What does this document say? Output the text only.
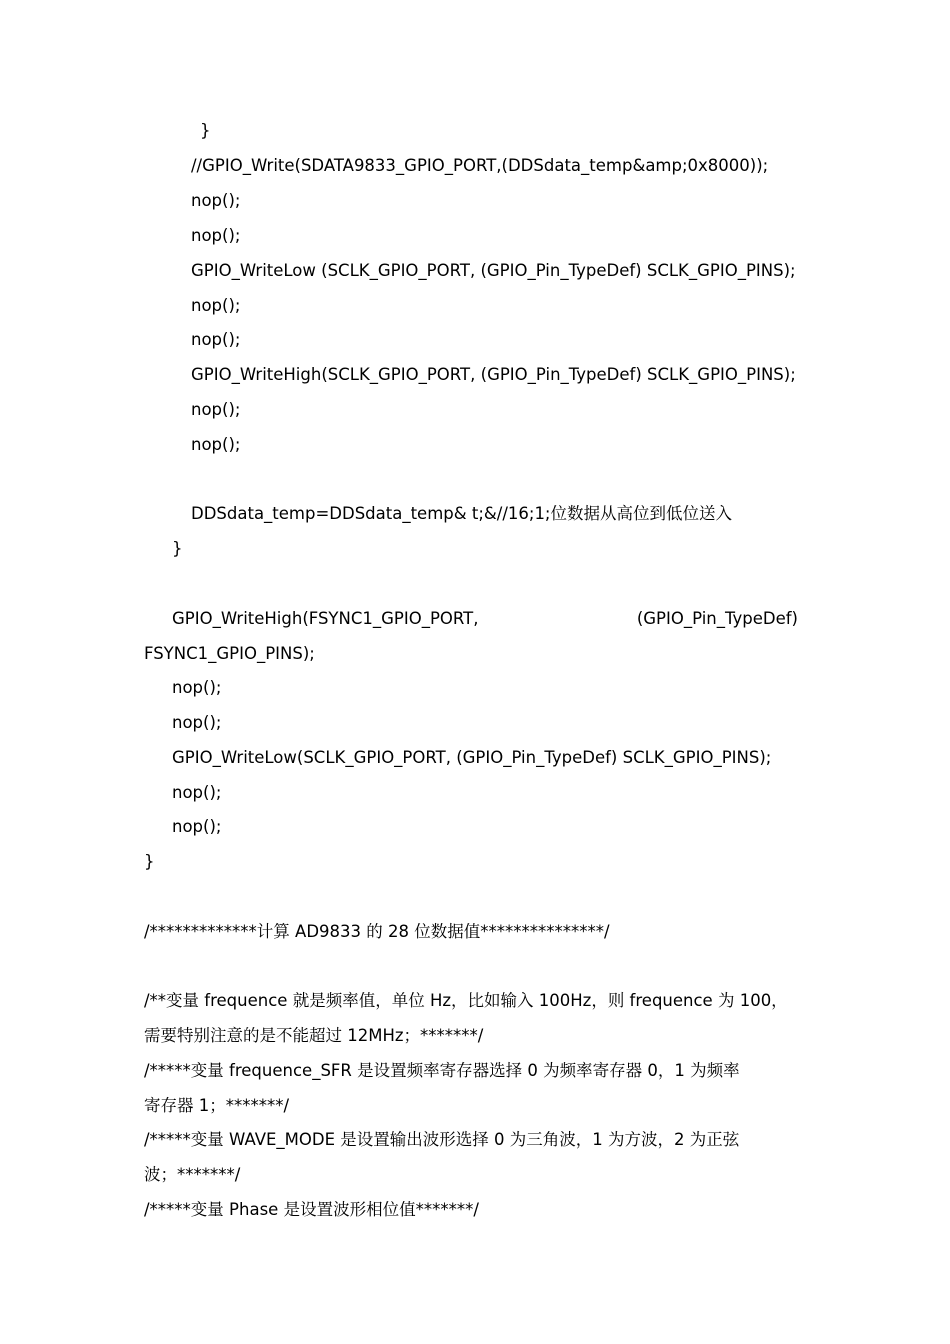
}
//GPIO_Write(SDATA9833_GPIO_PORT,(DDSdata_temp&amp;0x8000));
nop();
nop();
GPIO_WriteLow (SCLK_GPIO_PORT, (GPIO_Pin_TypeDef) SCLK_GPIO_PINS);
nop();
nop();
GPIO_WriteHigh(SCLK_GPIO_PORT, (GPIO_Pin_TypeDef) SCLK_GPIO_PINS);
nop();
nop();
DDSdata_temp=DDSdata_temp& t;&//16;1;位数据从高位到低位送入
}
GPIO_WriteHigh(FSYNC1_GPIO_PORT,	(GPIO_Pin_TypeDef)
FSYNC1_GPIO_PINS);
nop();
nop();
GPIO_WriteLow(SCLK_GPIO_PORT, (GPIO_Pin_TypeDef) SCLK_GPIO_PINS);
nop();
nop();
}
/*************计算 AD9833 的 28 位数据值***************/
/**变量 frequence 就是频率值，单位 Hz，比如输入 100Hz，则 frequence 为 100，
需要特别注意的是不能超过 12MHz；*******/
/*****变量 frequence_SFR 是设置频率寄存器选择 0 为频率寄存器 0，1 为频率
寄存器 1；*******/
/*****变量 WAVE_MODE 是设置输出波形选择 0 为三角波，1 为方波，2 为正弦
波；*******/
/*****变量 Phase 是设置波形相位值*******/
